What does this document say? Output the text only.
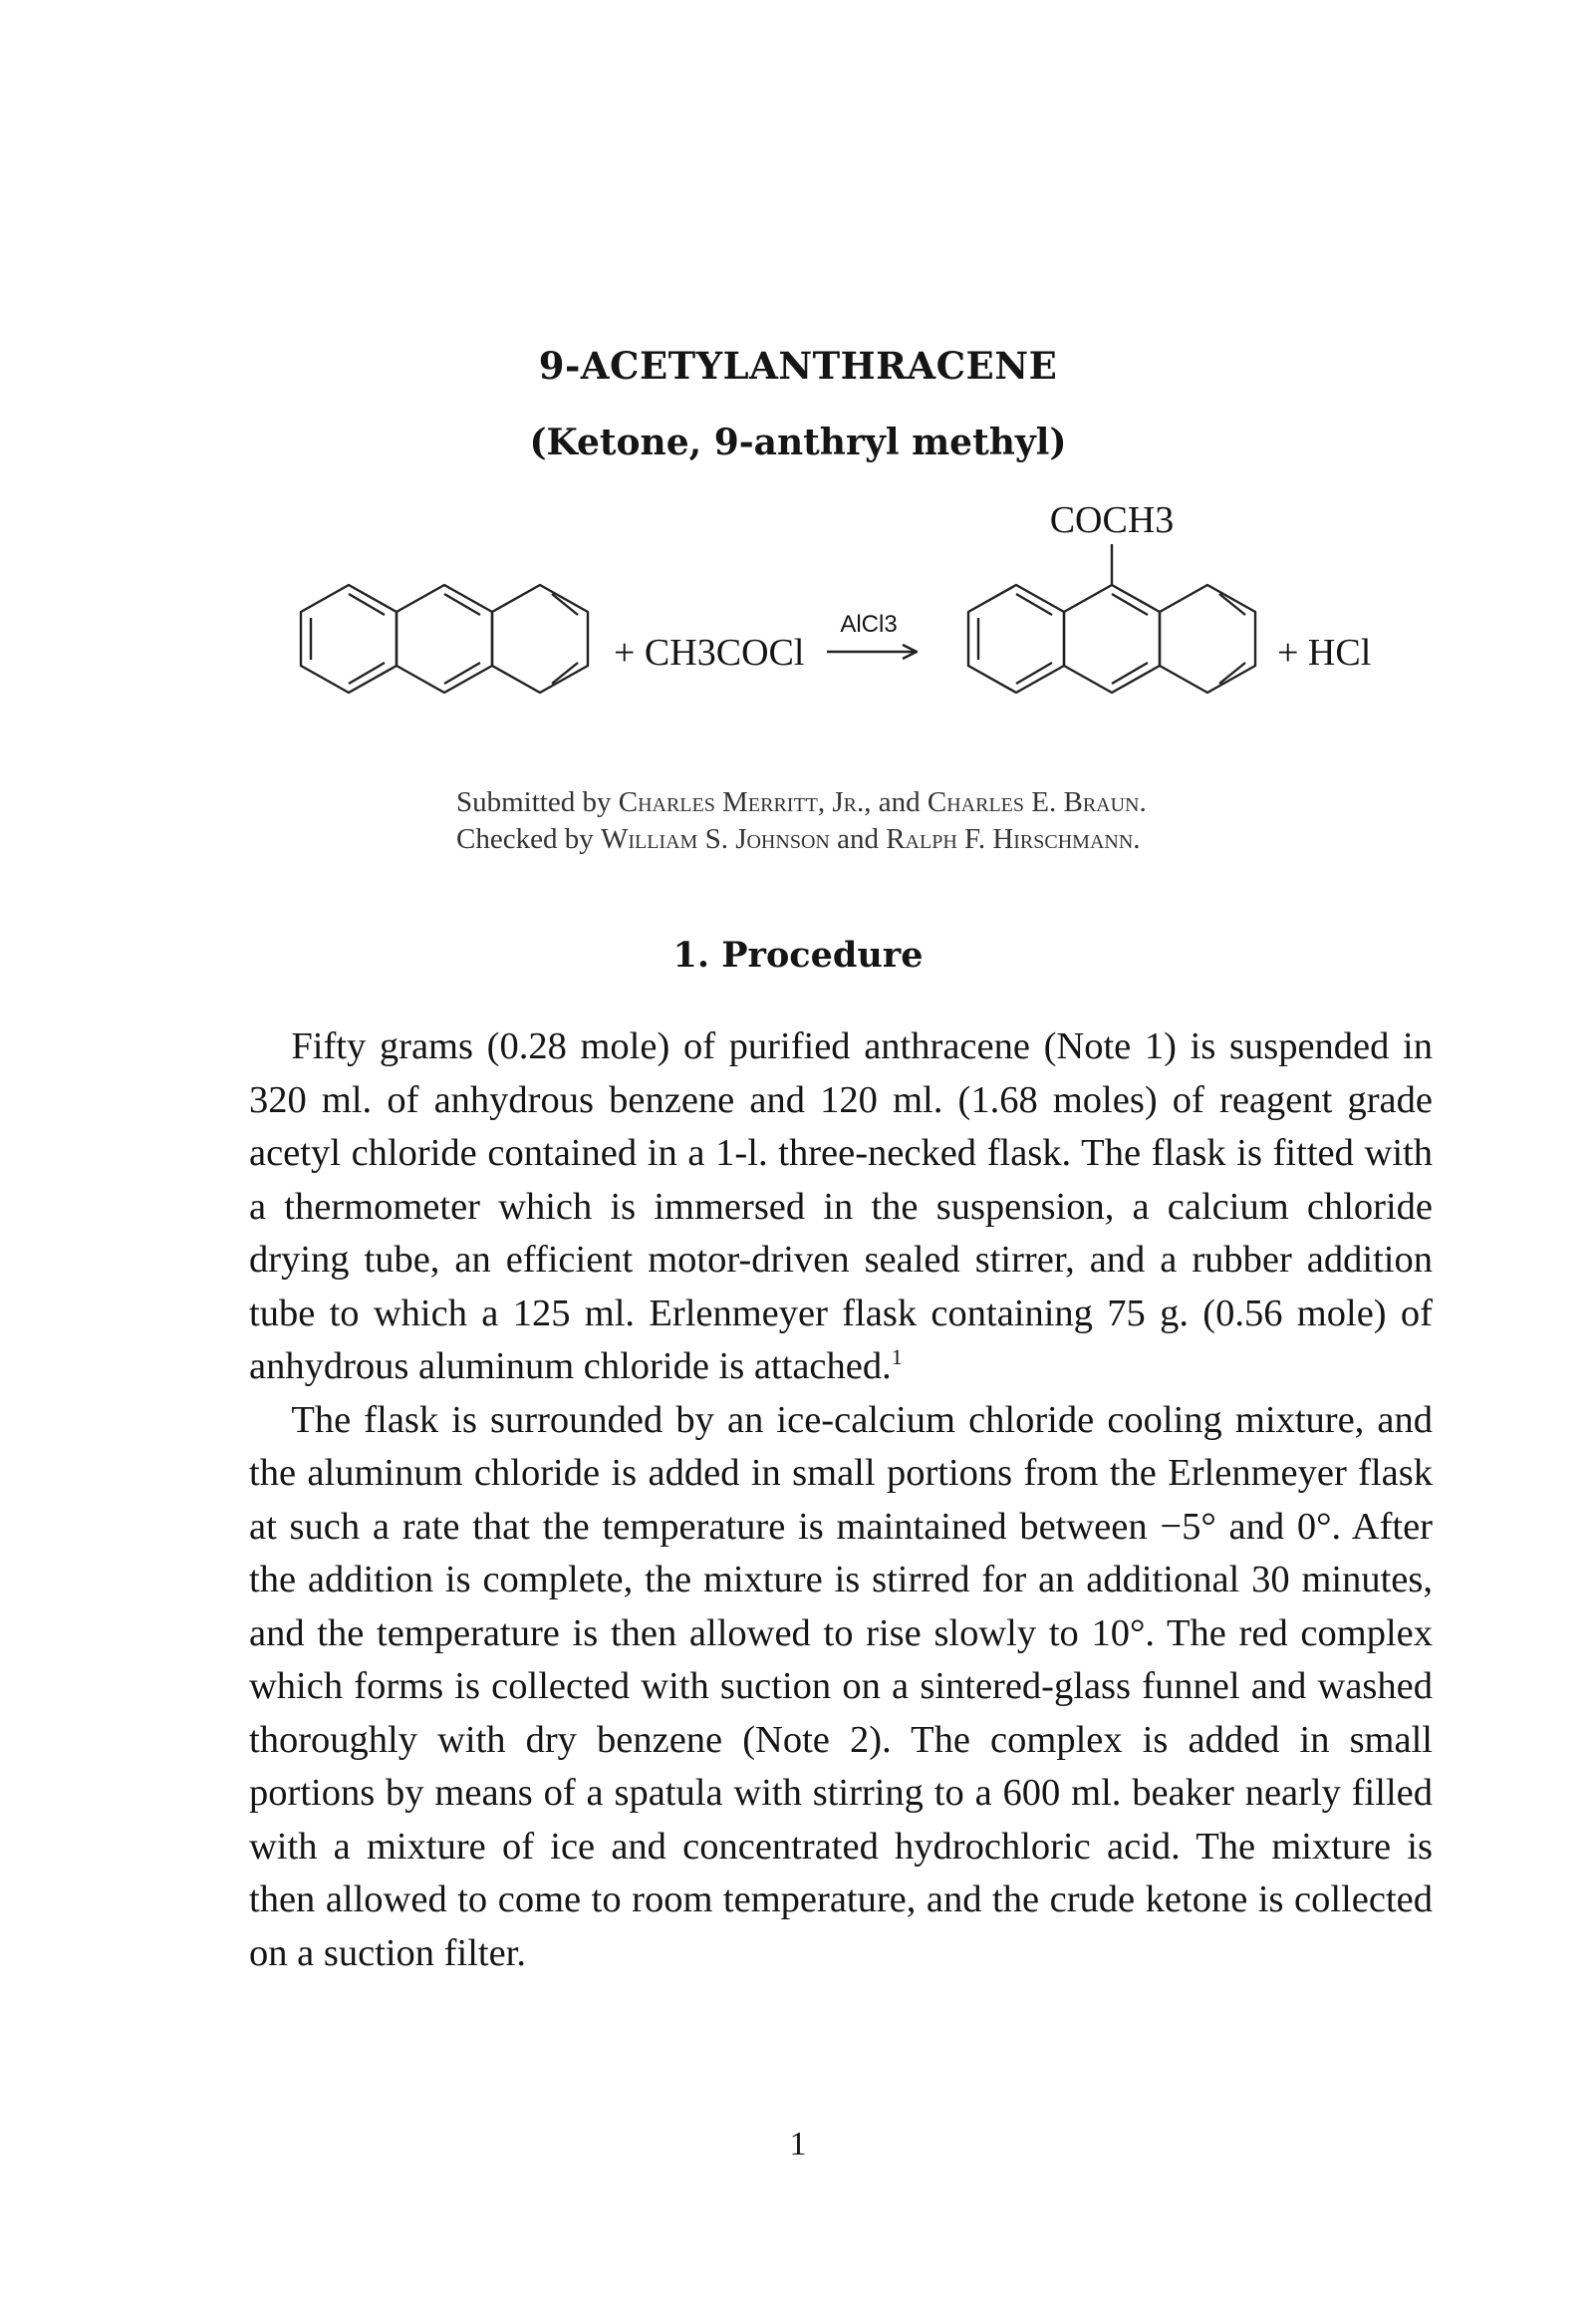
9-ACETYLANTHRACENE
(Ketone, 9-anthryl methyl)
COCH3
+ CH3COCl
AlCl3
+ HCl
Submitted by Charles Merritt, Jr., and Charles E. Braun.
Checked by William S. Johnson and Ralph F. Hirschmann.
1. Procedure

Fifty grams (0.28 mole) of purified anthracene (Note 1) is suspended in 320 ml. of anhydrous benzene and 120 ml. (1.68 moles) of reagent grade acetyl chloride contained in a 1-l. three-necked flask. The flask is fitted with a thermometer which is immersed in the suspension, a calcium chloride drying tube, an efficient motor-driven sealed stirrer, and a rubber addition tube to which a 125 ml. Erlenmeyer flask containing 75 g. (0.56 mole) of anhydrous aluminum chloride is attached.$^1$

The flask is surrounded by an ice-calcium chloride cooling mixture, and the aluminum chloride is added in small portions from the Erlenmeyer flask at such a rate that the temperature is maintained between −5° and 0°. After the addition is complete, the mixture is stirred for an additional 30 minutes, and the temperature is then allowed to rise slowly to 10°. The red complex which forms is collected with suction on a sintered-glass funnel and washed thoroughly with dry benzene (Note 2). The complex is added in small portions by means of a spatula with stirring to a 600 ml. beaker nearly filled with a mixture of ice and concentrated hydrochloric acid. The mixture is then allowed to come to room temperature, and the crude ketone is collected on a suction filter.

1
